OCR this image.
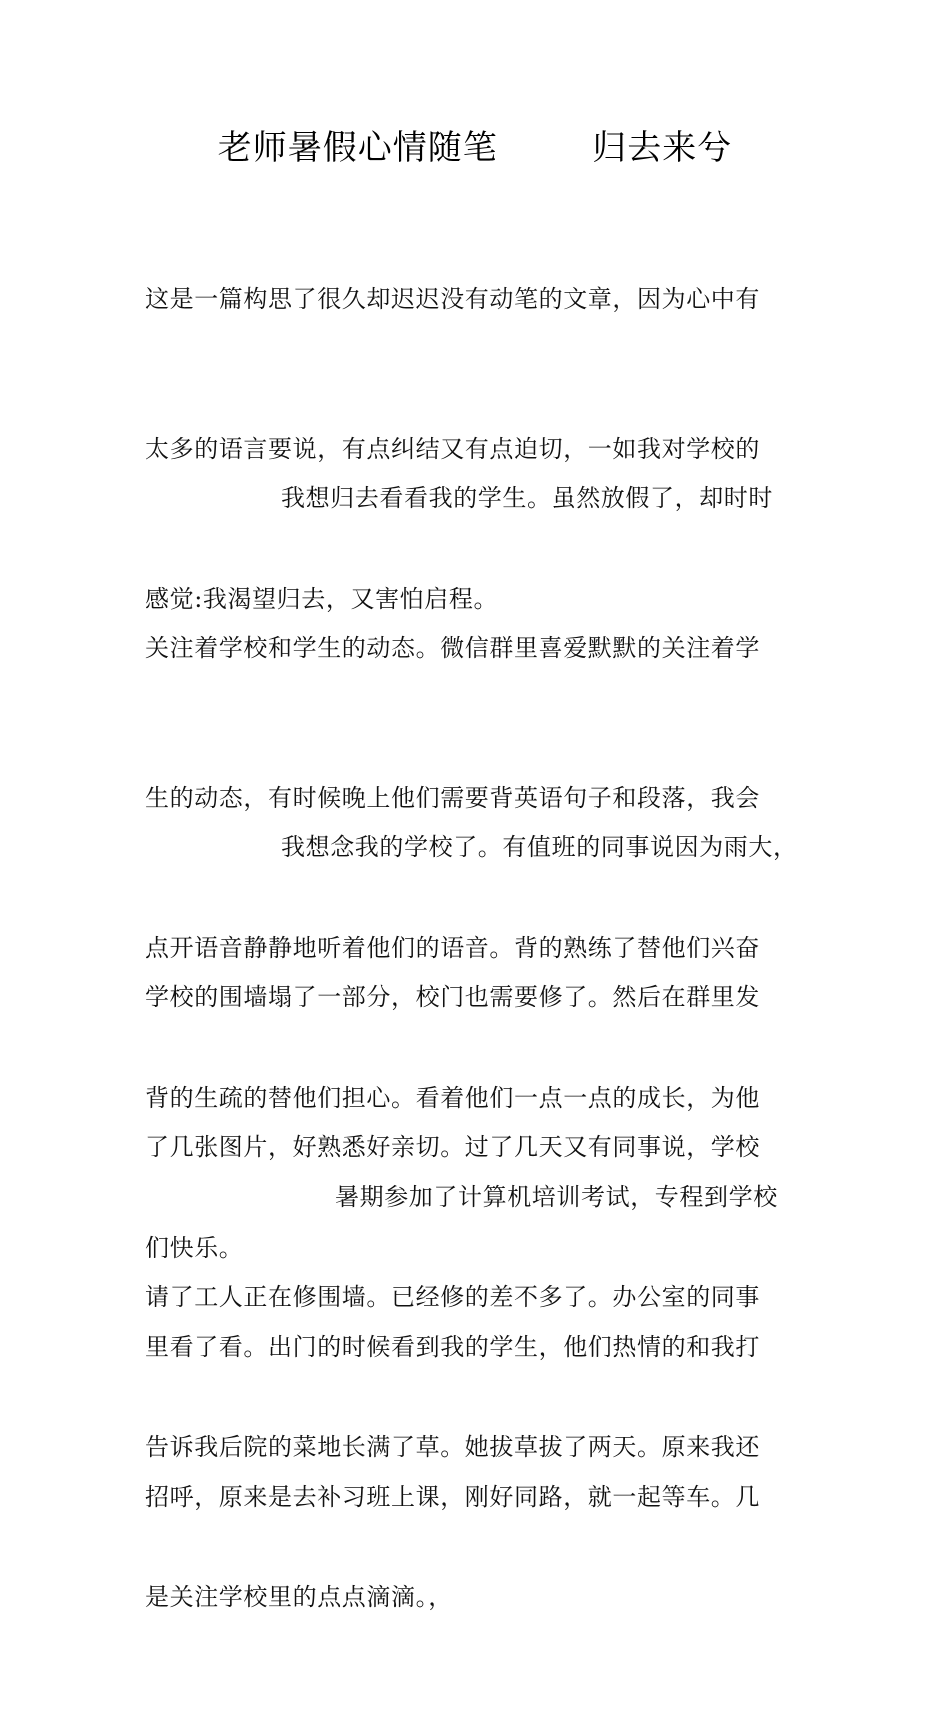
老师暑假心情随笔        归去来兮

这是一篇构思了很久却迟迟没有动笔的文章，因为心中有

太多的语言要说，有点纠结又有点迫切，一如我对学校的

感觉:我渴望归去，又害怕启程。

我想归去看看我的学生。虽然放假了，却时时

关注着学校和学生的动态。微信群里喜爱默默的关注着学

生的动态，有时候晚上他们需要背英语句子和段落，我会

点开语音静静地听着他们的语音。背的熟练了替他们兴奋

背的生疏的替他们担心。看着他们一点一点的成长，为他

们快乐。

我想念我的学校了。有值班的同事说因为雨大，

学校的围墙塌了一部分，校门也需要修了。然后在群里发

了几张图片，好熟悉好亲切。过了几天又有同事说，学校

请了工人正在修围墙。已经修的差不多了。办公室的同事

告诉我后院的菜地长满了草。她拔草拔了两天。原来我还

是关注学校里的点点滴滴。，

暑期参加了计算机培训考试，专程到学校

里看了看。出门的时候看到我的学生，他们热情的和我打

招呼，原来是去补习班上课，刚好同路，就一起等车。几
